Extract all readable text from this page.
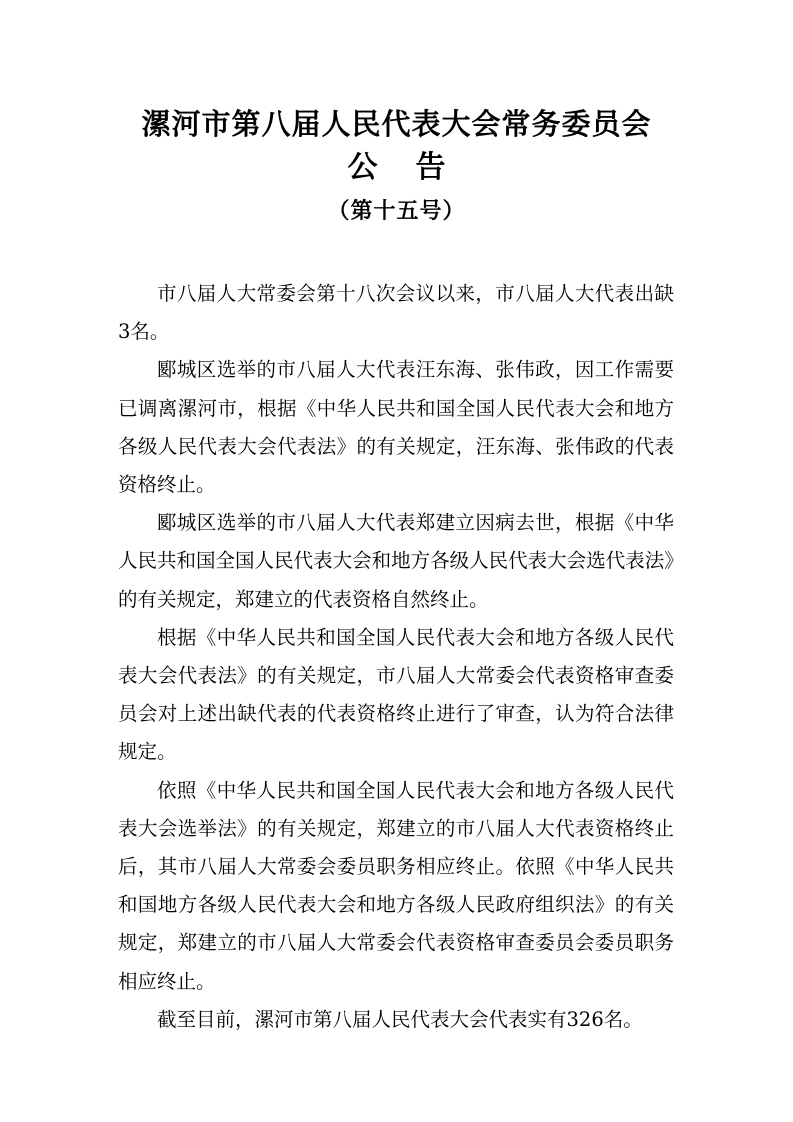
漯河市第八届人民代表大会常务委员会
公告
（第十五号）

市八届人大常委会第十八次会议以来，市八届人大代表出缺3名。

郾城区选举的市八届人大代表汪东海、张伟政，因工作需要已调离漯河市，根据《中华人民共和国全国人民代表大会和地方各级人民代表大会代表法》的有关规定，汪东海、张伟政的代表资格终止。

郾城区选举的市八届人大代表郑建立因病去世，根据《中华人民共和国全国人民代表大会和地方各级人民代表大会选代表法》的有关规定，郑建立的代表资格自然终止。

根据《中华人民共和国全国人民代表大会和地方各级人民代表大会代表法》的有关规定，市八届人大常委会代表资格审查委员会对上述出缺代表的代表资格终止进行了审查，认为符合法律规定。

依照《中华人民共和国全国人民代表大会和地方各级人民代表大会选举法》的有关规定，郑建立的市八届人大代表资格终止后，其市八届人大常委会委员职务相应终止。依照《中华人民共和国地方各级人民代表大会和地方各级人民政府组织法》的有关规定，郑建立的市八届人大常委会代表资格审查委员会委员职务相应终止。

截至目前，漯河市第八届人民代表大会代表实有326名。
